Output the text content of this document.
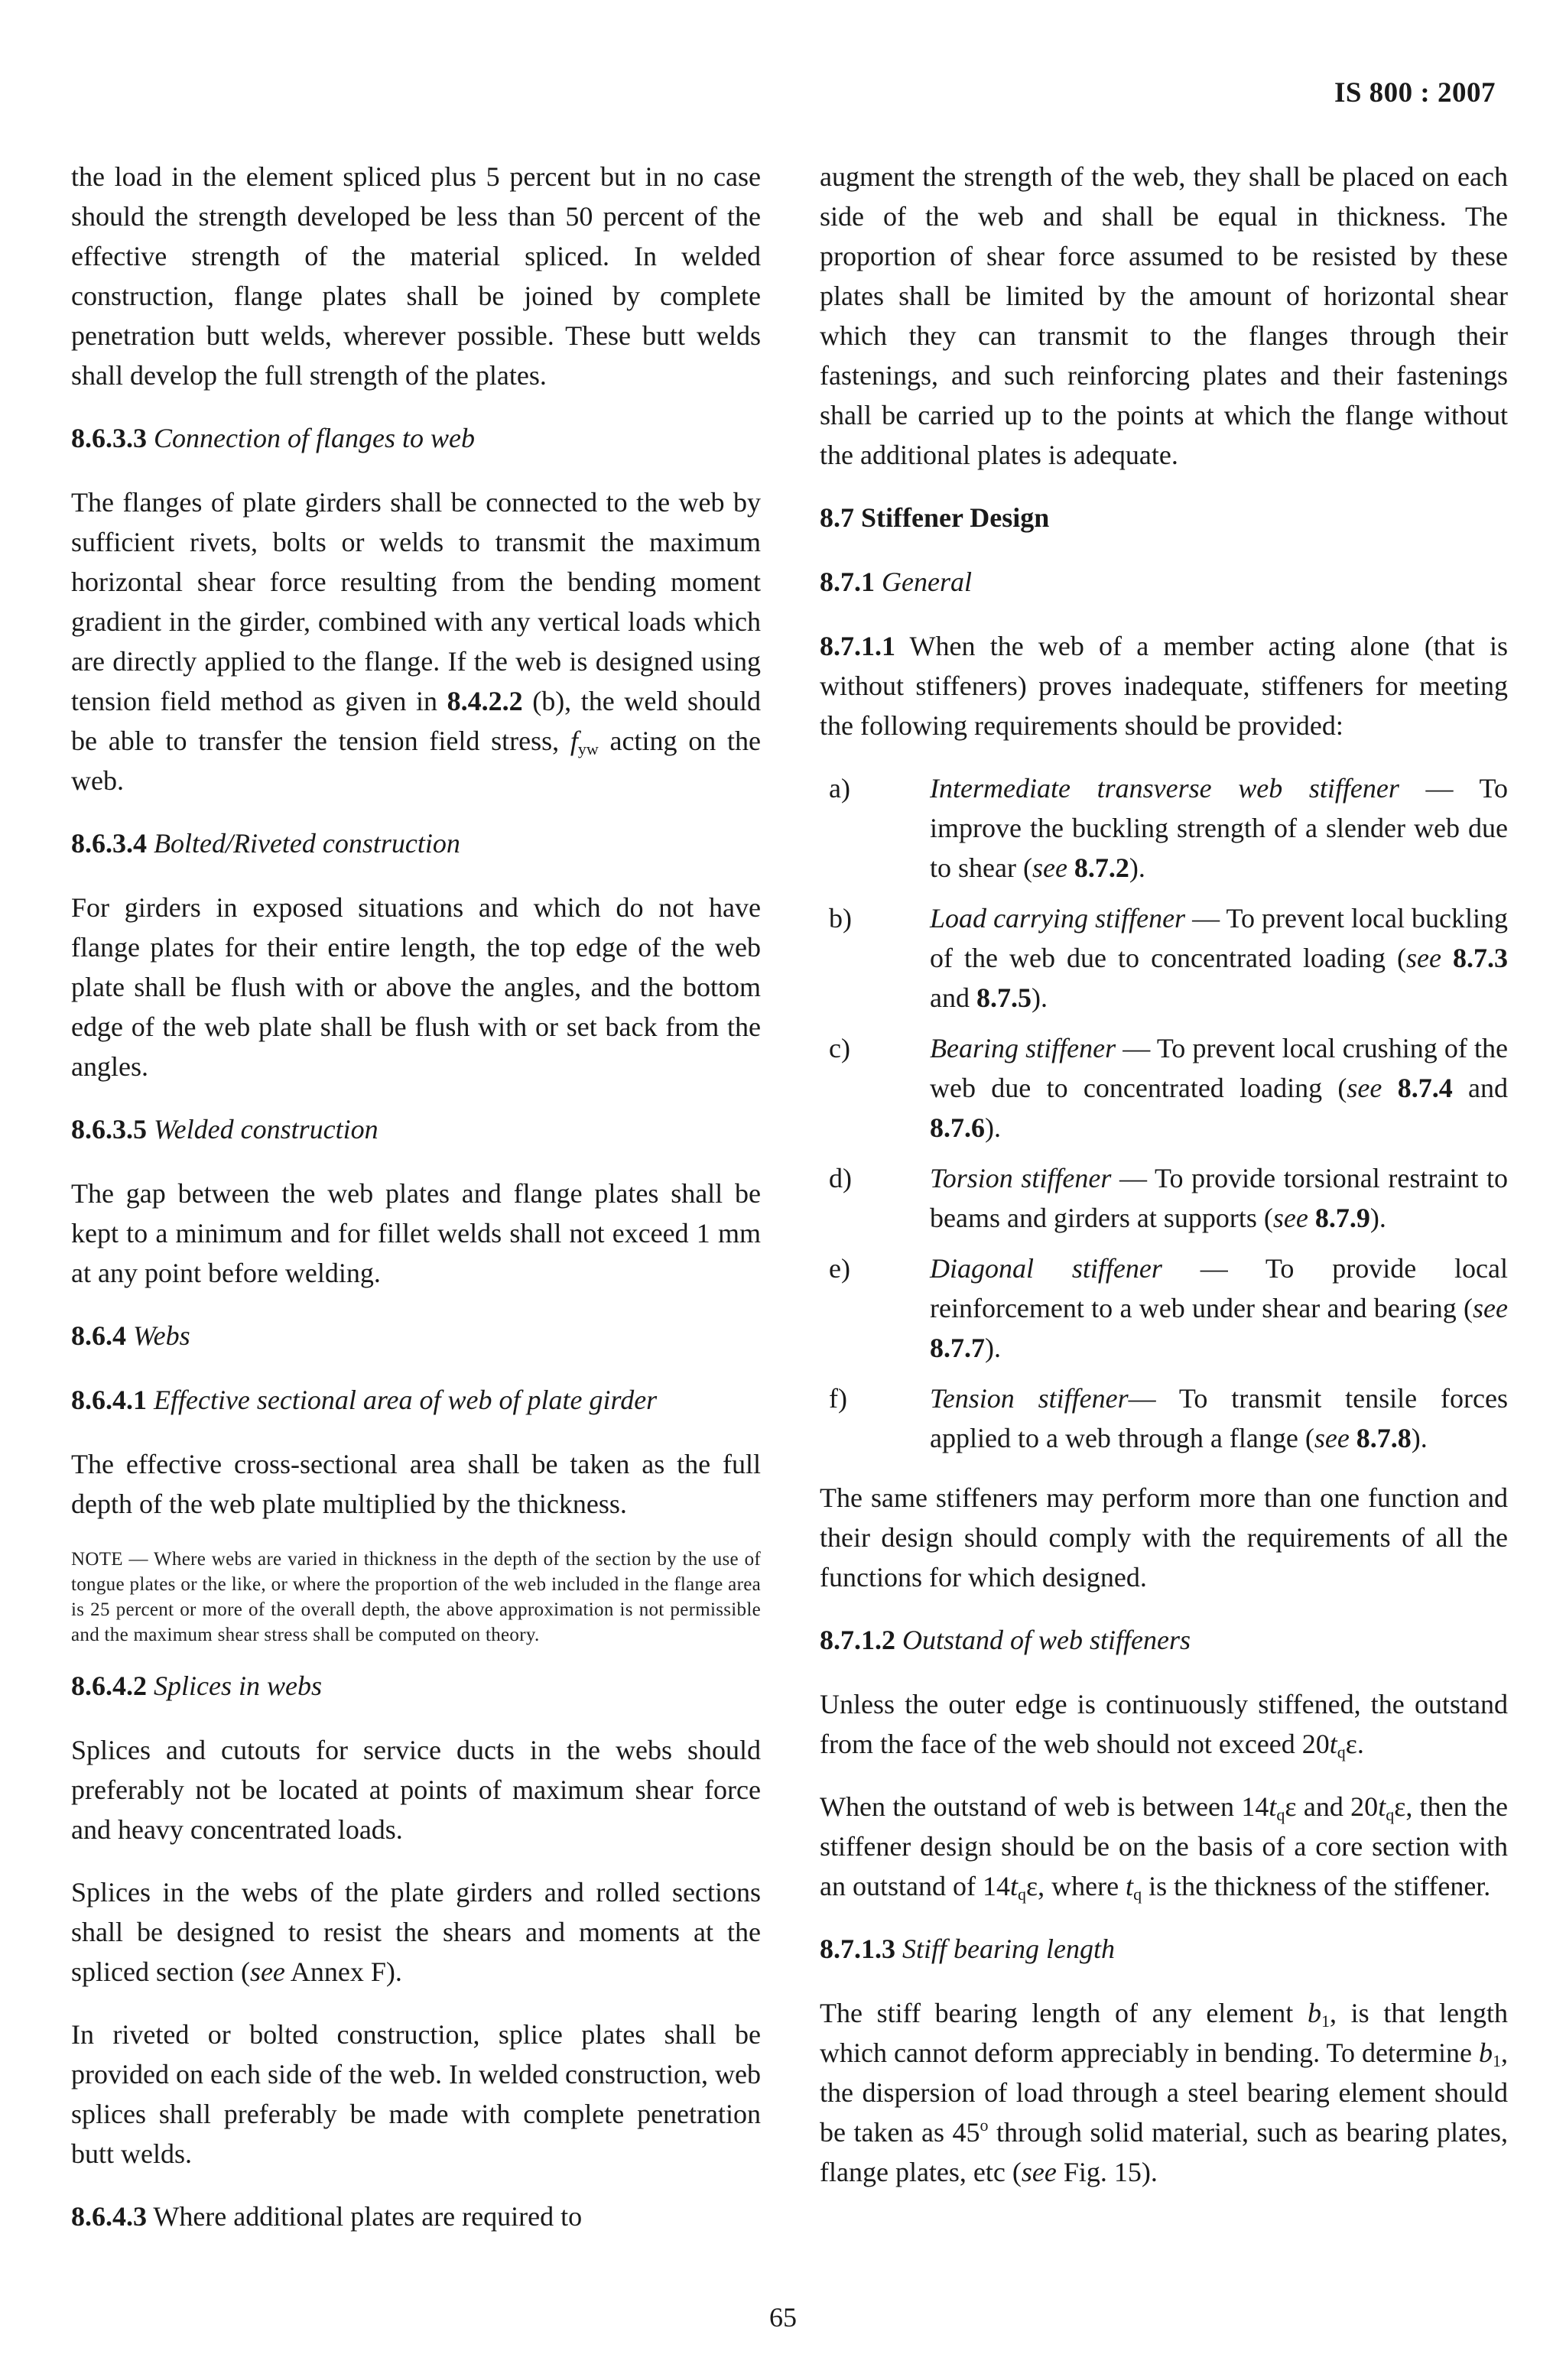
IS 800 : 2007

the load in the element spliced plus 5 percent but in no case should the strength developed be less than 50 percent of the effective strength of the material spliced. In welded construction, flange plates shall be joined by complete penetration butt welds, wherever possible. These butt welds shall develop the full strength of the plates.

8.6.3.3 Connection of flanges to web

The flanges of plate girders shall be connected to the web by sufficient rivets, bolts or welds to transmit the maximum horizontal shear force resulting from the bending moment gradient in the girder, combined with any vertical loads which are directly applied to the flange. If the web is designed using tension field method as given in 8.4.2.2 (b), the weld should be able to transfer the tension field stress, $f_{yw}$ acting on the web.

8.6.3.4 Bolted/Riveted construction

For girders in exposed situations and which do not have flange plates for their entire length, the top edge of the web plate shall be flush with or above the angles, and the bottom edge of the web plate shall be flush with or set back from the angles.

8.6.3.5 Welded construction

The gap between the web plates and flange plates shall be kept to a minimum and for fillet welds shall not exceed 1 mm at any point before welding.

8.6.4 Webs

8.6.4.1 Effective sectional area of web of plate girder

The effective cross-sectional area shall be taken as the full depth of the web plate multiplied by the thickness.

NOTE — Where webs are varied in thickness in the depth of the section by the use of tongue plates or the like, or where the proportion of the web included in the flange area is 25 percent or more of the overall depth, the above approximation is not permissible and the maximum shear stress shall be computed on theory.

8.6.4.2 Splices in webs

Splices and cutouts for service ducts in the webs should preferably not be located at points of maximum shear force and heavy concentrated loads.

Splices in the webs of the plate girders and rolled sections shall be designed to resist the shears and moments at the spliced section (see Annex F).

In riveted or bolted construction, splice plates shall be provided on each side of the web. In welded construction, web splices shall preferably be made with complete penetration butt welds.

8.6.4.3 Where additional plates are required to

augment the strength of the web, they shall be placed on each side of the web and shall be equal in thickness. The proportion of shear force assumed to be resisted by these plates shall be limited by the amount of horizontal shear which they can transmit to the flanges through their fastenings, and such reinforcing plates and their fastenings shall be carried up to the points at which the flange without the additional plates is adequate.

8.7 Stiffener Design

8.7.1 General

8.7.1.1 When the web of a member acting alone (that is without stiffeners) proves inadequate, stiffeners for meeting the following requirements should be provided:

a)	Intermediate transverse web stiffener — To improve the buckling strength of a slender web due to shear (see 8.7.2).
b)	Load carrying stiffener — To prevent local buckling of the web due to concentrated loading (see 8.7.3 and 8.7.5).
c)	Bearing stiffener — To prevent local crushing of the web due to concentrated loading (see 8.7.4 and 8.7.6).
d)	Torsion stiffener — To provide torsional restraint to beams and girders at supports (see 8.7.9).
e)	Diagonal stiffener — To provide local reinforcement to a web under shear and bearing (see 8.7.7).
f)	Tension stiffener— To transmit tensile forces applied to a web through a flange (see 8.7.8).

The same stiffeners may perform more than one function and their design should comply with the requirements of all the functions for which designed.

8.7.1.2 Outstand of web stiffeners

Unless the outer edge is continuously stiffened, the outstand from the face of the web should not exceed $20t_q\varepsilon$.

When the outstand of web is between $14t_q\varepsilon$ and $20t_q\varepsilon$, then the stiffener design should be on the basis of a core section with an outstand of $14t_q\varepsilon$, where $t_q$ is the thickness of the stiffener.

8.7.1.3 Stiff bearing length

The stiff bearing length of any element $b_1$, is that length which cannot deform appreciably in bending. To determine $b_1$, the dispersion of load through a steel bearing element should be taken as 45$^o$ through solid material, such as bearing plates, flange plates, etc (see Fig. 15).

65
